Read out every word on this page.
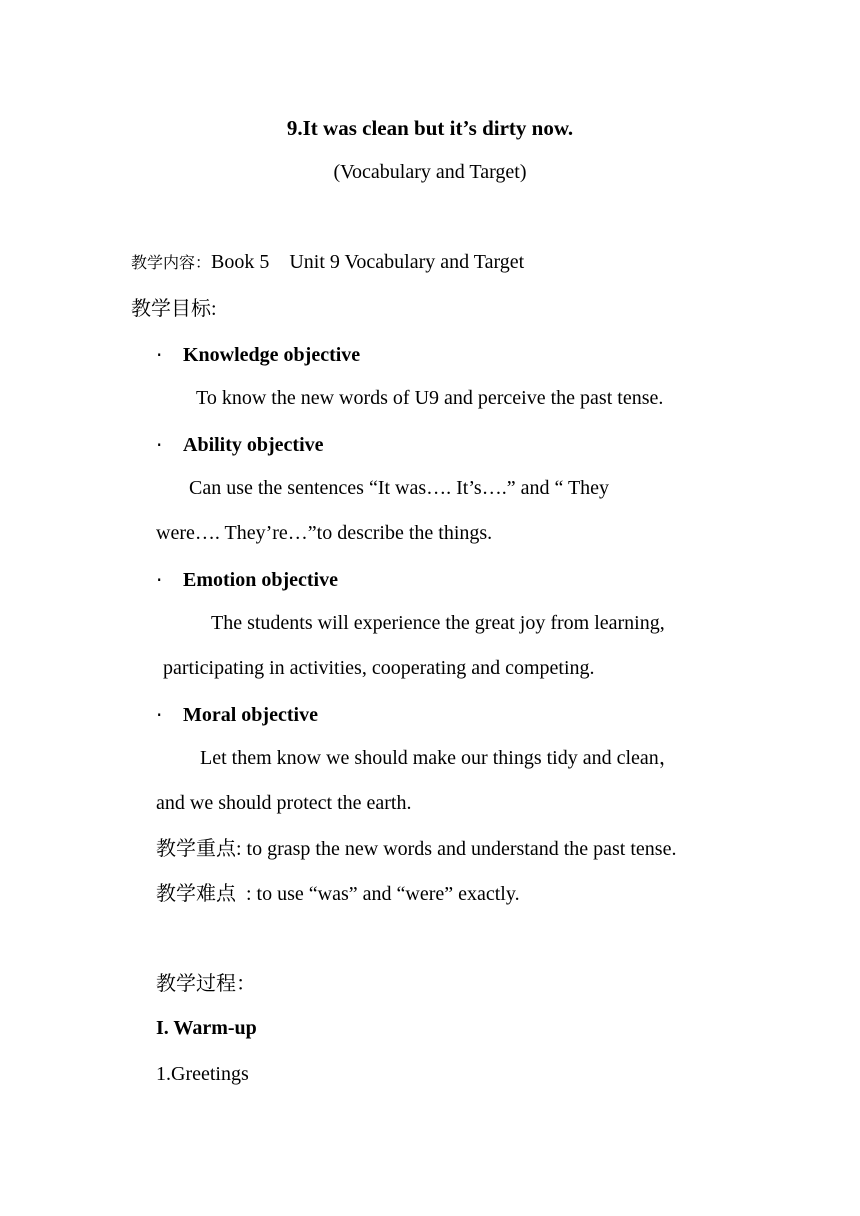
9.It was clean but it’s dirty now.
(Vocabulary and Target)
教学内容：Book 5    Unit 9 Vocabulary and Target
教学目标:
· Knowledge objective
To know the new words of U9 and perceive the past tense.
· Ability objective
Can use the sentences “It was…. It’s….” and “ They
were…. They’re…”to describe the things.
· Emotion objective
The students will experience the great joy from learning,
participating in activities, cooperating and competing.
· Moral objective
Let them know we should make our things tidy and clean，
and we should protect the earth.
教学重点: to grasp the new words and understand the past tense.
教学难点  : to use “was” and “were” exactly.
教学过程：
I. Warm-up
1.Greetings
